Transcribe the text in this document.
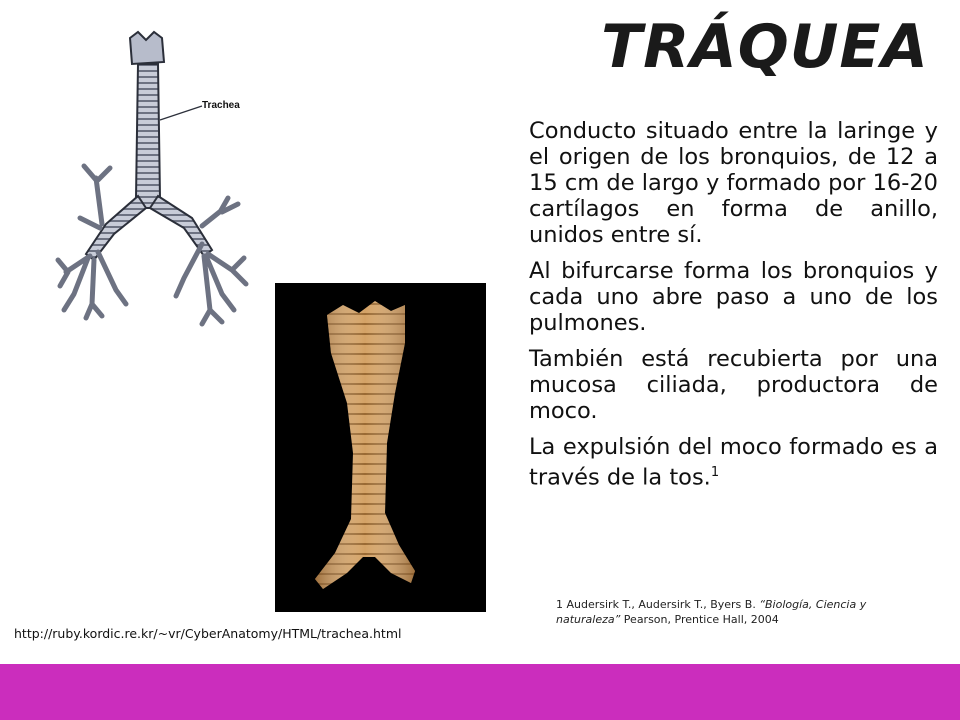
TRÁQUEA
Trachea

Conducto situado entre la laringe y el origen de los bronquios, de 12 a 15 cm de largo y formado por 16-20 cartílagos en forma de anillo, unidos entre sí.

Al bifurcarse forma los bronquios y cada uno abre paso a uno de los pulmones.

También está recubierta por una mucosa ciliada, productora de moco.

La expulsión del moco formado es a través de la tos.$^1$

1 Audersirk T., Audersirk T., Byers B. “Biología, Ciencia y naturaleza” Pearson, Prentice Hall, 2004
http://ruby.kordic.re.kr/~vr/CyberAnatomy/HTML/trachea.html
